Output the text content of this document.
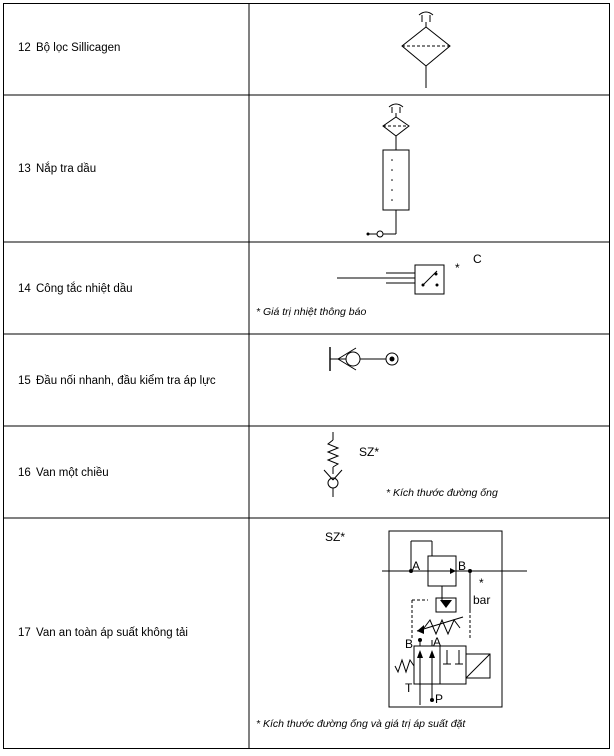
12 Bộ lọc Sillicagen
13 Nắp tra dầu
14 Công tắc nhiệt dầu
*
C
* Giá trị nhiệt thông báo
15 Đầu nối nhanh, đầu kiểm tra áp lực
16 Van một chiều
SZ*
* Kích thước đường ống
17 Van an toàn áp suất không tải
SZ*
A	B
*
bar
B A
T
P
* Kích thước đường ống và giá trị áp suất đặt
